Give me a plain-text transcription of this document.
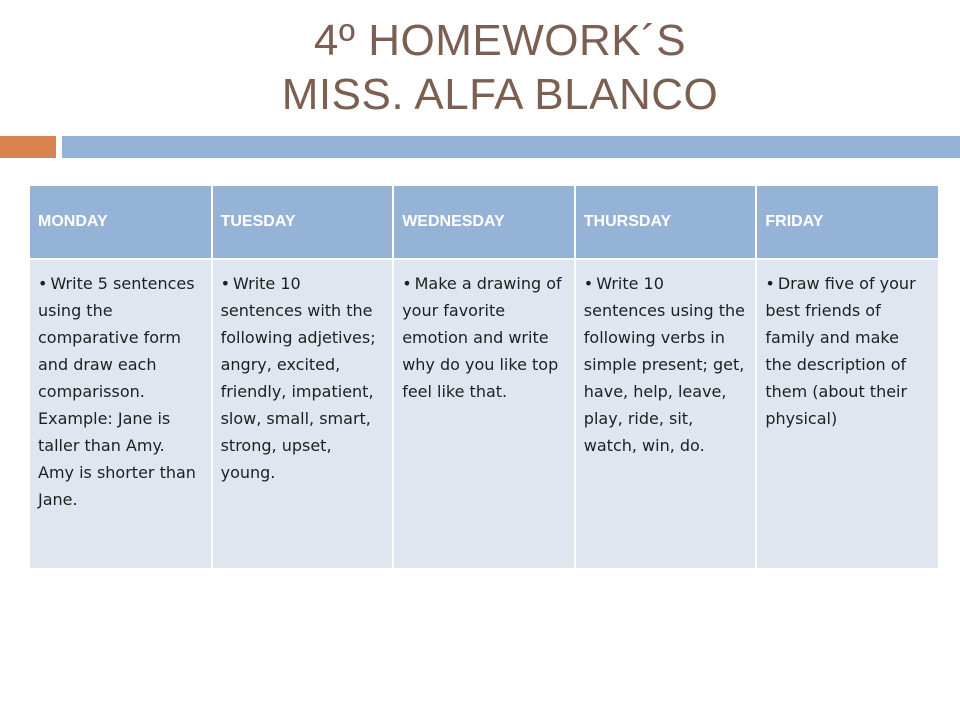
4º HOMEWORK´S
MISS. ALFA BLANCO
MONDAY	TUESDAY	WEDNESDAY	THURSDAY	FRIDAY
• Write 5 sentences using the comparative form and draw each comparisson. Example: Jane is taller than Amy. Amy is shorter than Jane.	• Write 10 sentences with the following adjetives; angry, excited, friendly, impatient, slow, small, smart, strong, upset, young.	• Make a drawing of your favorite emotion and write why do you like top feel like that.	• Write 10 sentences using the following verbs in simple present; get, have, help, leave, play, ride, sit, watch, win, do.	• Draw five of your best friends of family and make the description of them (about their physical)
